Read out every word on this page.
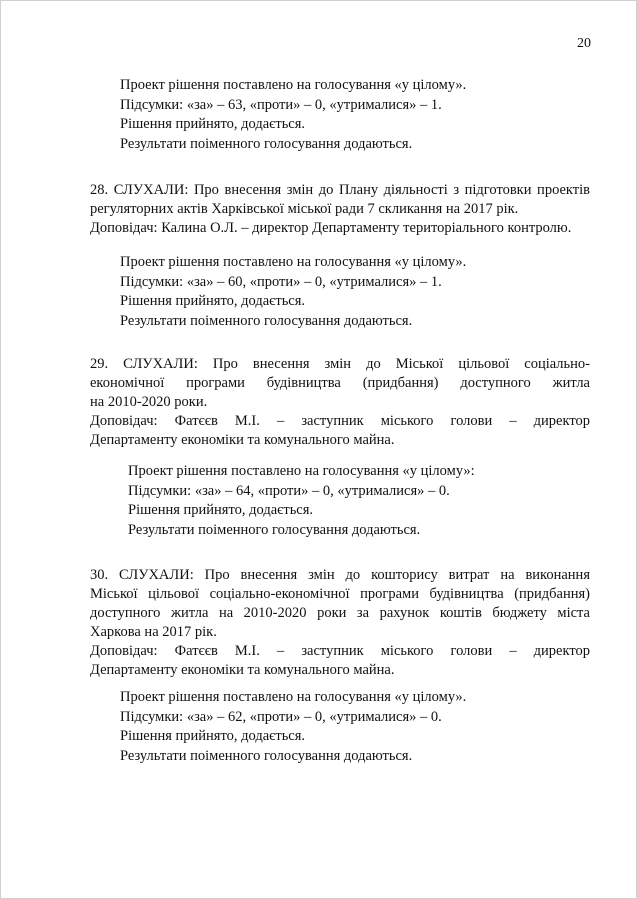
20
Проект рішення поставлено на голосування «у цілому».
Підсумки: «за» – 63, «проти» – 0, «утрималися» – 1.
Рішення прийнято, додається.
Результати поіменного голосування додаються.
28. СЛУХАЛИ: Про внесення змін до Плану діяльності з підготовки проектів
регуляторних актів Харківської міської ради 7 скликання на 2017 рік.
Доповідач: Калина О.Л. – директор Департаменту територіального контролю.
Проект рішення поставлено на голосування «у цілому».
Підсумки: «за» – 60, «проти» – 0, «утрималися» – 1.
Рішення прийнято, додається.
Результати поіменного голосування додаються.
29. СЛУХАЛИ: Про внесення змін до Міської цільової соціально-
економічної програми будівництва (придбання) доступного житла
на 2010-2020 роки.
Доповідач: Фатєєв М.І. – заступник міського голови – директор
Департаменту економіки та комунального майна.
Проект рішення поставлено на голосування «у цілому»:
Підсумки: «за» – 64, «проти» – 0, «утрималися» – 0.
Рішення прийнято, додається.
Результати поіменного голосування додаються.
30. СЛУХАЛИ: Про внесення змін до кошторису витрат на виконання
Міської цільової соціально-економічної програми будівництва (придбання)
доступного житла на 2010-2020 роки за рахунок коштів бюджету міста
Харкова на 2017 рік.
Доповідач: Фатєєв М.І. – заступник міського голови – директор
Департаменту економіки та комунального майна.
Проект рішення поставлено на голосування «у цілому».
Підсумки: «за» – 62, «проти» – 0, «утрималися» – 0.
Рішення прийнято, додається.
Результати поіменного голосування додаються.
